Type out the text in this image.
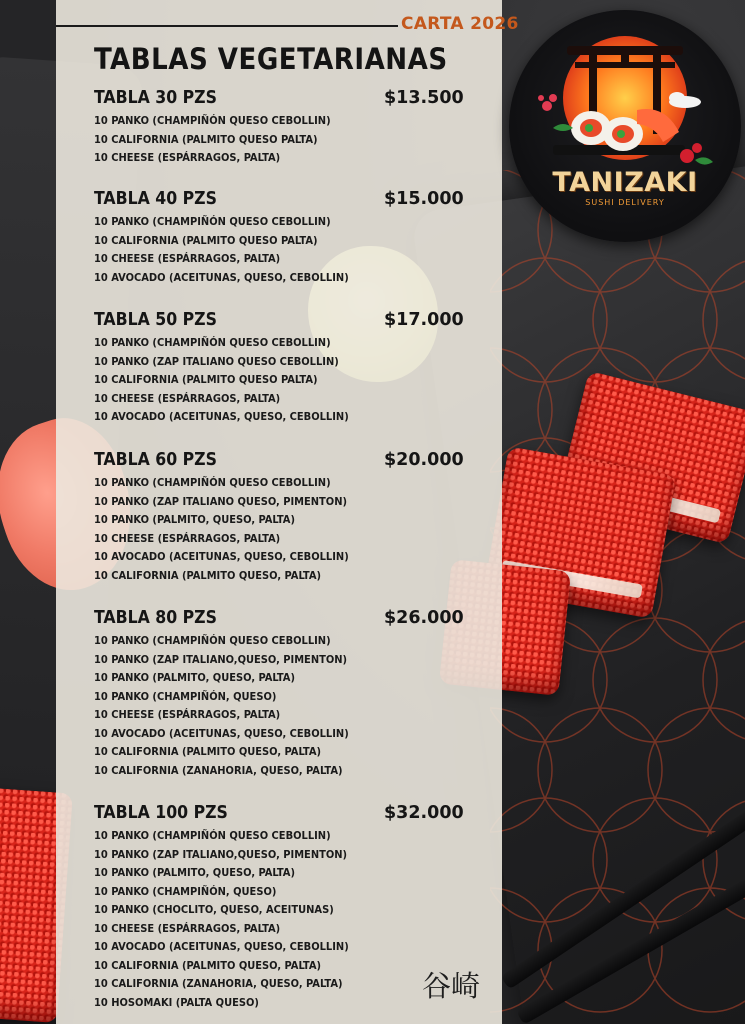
CARTA 2026
TABLAS VEGETARIANAS
TABLA 30 PZS	$13.500
10 PANKO (CHAMPIÑÓN QUESO CEBOLLIN)
10 CALIFORNIA (PALMITO QUESO PALTA)
10 CHEESE (ESPÁRRAGOS, PALTA)
TABLA 40 PZS	$15.000
10 PANKO (CHAMPIÑÓN QUESO CEBOLLIN)
10 CALIFORNIA (PALMITO QUESO PALTA)
10 CHEESE (ESPÁRRAGOS, PALTA)
10 AVOCADO (ACEITUNAS, QUESO, CEBOLLIN)
TABLA 50 PZS	$17.000
10 PANKO (CHAMPIÑÓN QUESO CEBOLLIN)
10 PANKO (ZAP ITALIANO QUESO CEBOLLIN)
10 CALIFORNIA (PALMITO QUESO PALTA)
10 CHEESE (ESPÁRRAGOS, PALTA)
10 AVOCADO (ACEITUNAS, QUESO, CEBOLLIN)
TABLA 60 PZS	$20.000
10 PANKO (CHAMPIÑÓN QUESO CEBOLLIN)
10 PANKO (ZAP ITALIANO QUESO, PIMENTON)
10 PANKO (PALMITO, QUESO, PALTA)
10 CHEESE (ESPÁRRAGOS, PALTA)
10 AVOCADO (ACEITUNAS, QUESO, CEBOLLIN)
10 CALIFORNIA (PALMITO QUESO, PALTA)
TABLA 80 PZS	$26.000
10 PANKO (CHAMPIÑÓN QUESO CEBOLLIN)
10 PANKO (ZAP ITALIANO,QUESO, PIMENTON)
10 PANKO (PALMITO, QUESO, PALTA)
10 PANKO (CHAMPIÑÓN, QUESO)
10 CHEESE (ESPÁRRAGOS, PALTA)
10 AVOCADO (ACEITUNAS, QUESO, CEBOLLIN)
10 CALIFORNIA (PALMITO QUESO, PALTA)
10 CALIFORNIA (ZANAHORIA, QUESO, PALTA)
TABLA 100 PZS	$32.000
10 PANKO (CHAMPIÑÓN QUESO CEBOLLIN)
10 PANKO (ZAP ITALIANO,QUESO, PIMENTON)
10 PANKO (PALMITO, QUESO, PALTA)
10 PANKO (CHAMPIÑÓN, QUESO)
10 PANKO (CHOCLITO, QUESO, ACEITUNAS)
10 CHEESE (ESPÁRRAGOS, PALTA)
10 AVOCADO (ACEITUNAS, QUESO, CEBOLLIN)
10 CALIFORNIA (PALMITO QUESO, PALTA)
10 CALIFORNIA (ZANAHORIA, QUESO, PALTA)
10 HOSOMAKI (PALTA QUESO)	谷崎
TANIZAKI
SUSHI DELIVERY
